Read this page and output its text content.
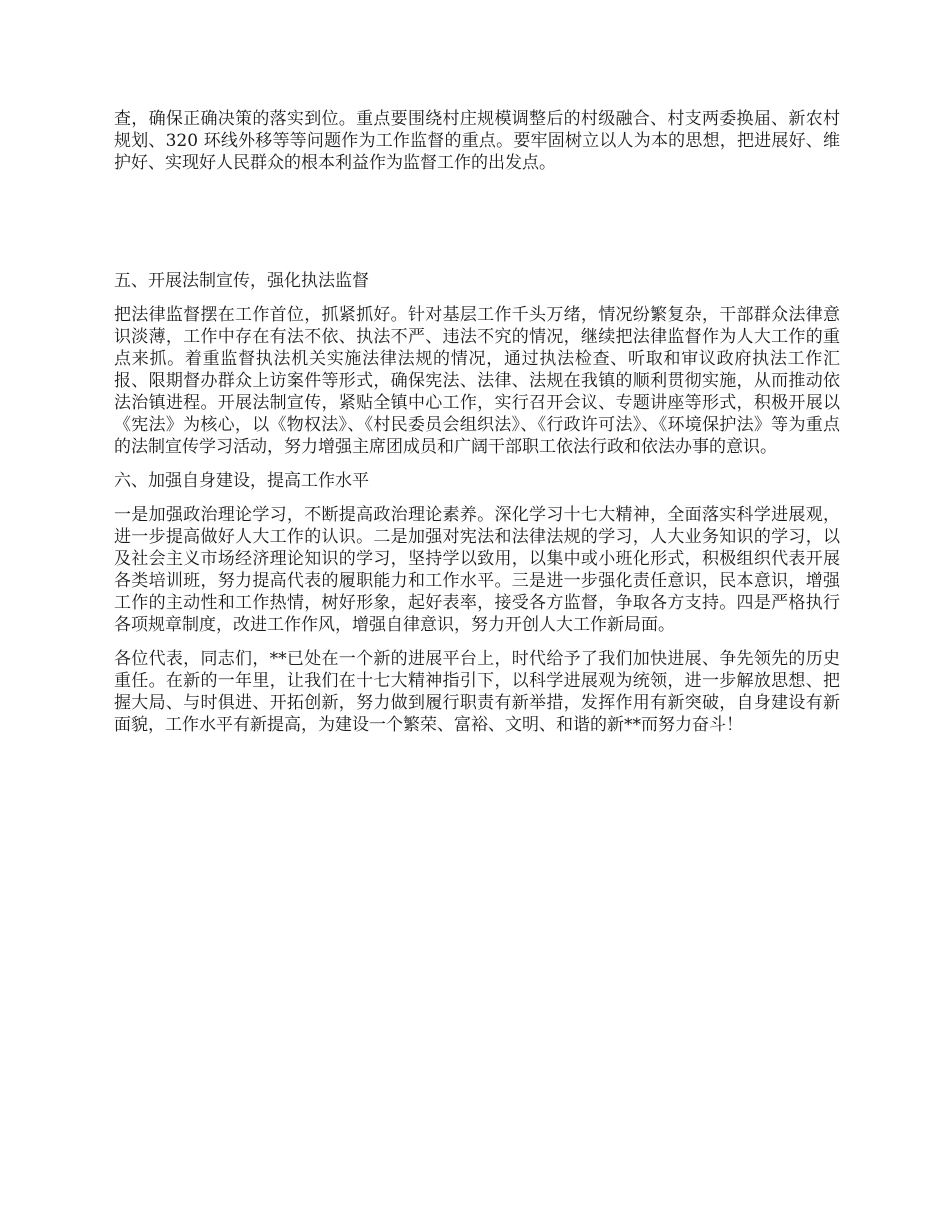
查，确保正确决策的落实到位。重点要围绕村庄规模调整后的村级融合、村支两委换届、新农村规划、320 环线外移等等问题作为工作监督的重点。要牢固树立以人为本的思想，把进展好、维护好、实现好人民群众的根本利益作为监督工作的出发点。

五、开展法制宣传，强化执法监督

把法律监督摆在工作首位，抓紧抓好。针对基层工作千头万绪，情况纷繁复杂，干部群众法律意识淡薄，工作中存在有法不依、执法不严、违法不究的情况，继续把法律监督作为人大工作的重点来抓。着重监督执法机关实施法律法规的情况，通过执法检查、听取和审议政府执法工作汇报、限期督办群众上访案件等形式，确保宪法、法律、法规在我镇的顺利贯彻实施，从而推动依法治镇进程。开展法制宣传，紧贴全镇中心工作，实行召开会议、专题讲座等形式，积极开展以《宪法》为核心，以《物权法》、《村民委员会组织法》、《行政许可法》、《环境保护法》等为重点的法制宣传学习活动，努力增强主席团成员和广阔干部职工依法行政和依法办事的意识。

六、加强自身建设，提高工作水平

一是加强政治理论学习，不断提高政治理论素养。深化学习十七大精神，全面落实科学进展观，进一步提高做好人大工作的认识。二是加强对宪法和法律法规的学习，人大业务知识的学习，以及社会主义市场经济理论知识的学习，坚持学以致用，以集中或小班化形式，积极组织代表开展各类培训班，努力提高代表的履职能力和工作水平。三是进一步强化责任意识，民本意识，增强工作的主动性和工作热情，树好形象，起好表率，接受各方监督，争取各方支持。四是严格执行各项规章制度，改进工作作风，增强自律意识，努力开创人大工作新局面。

各位代表，同志们，**已处在一个新的进展平台上，时代给予了我们加快进展、争先领先的历史重任。在新的一年里，让我们在十七大精神指引下，以科学进展观为统领，进一步解放思想、把握大局、与时俱进、开拓创新，努力做到履行职责有新举措，发挥作用有新突破，自身建设有新面貌，工作水平有新提高，为建设一个繁荣、富裕、文明、和谐的新**而努力奋斗！
